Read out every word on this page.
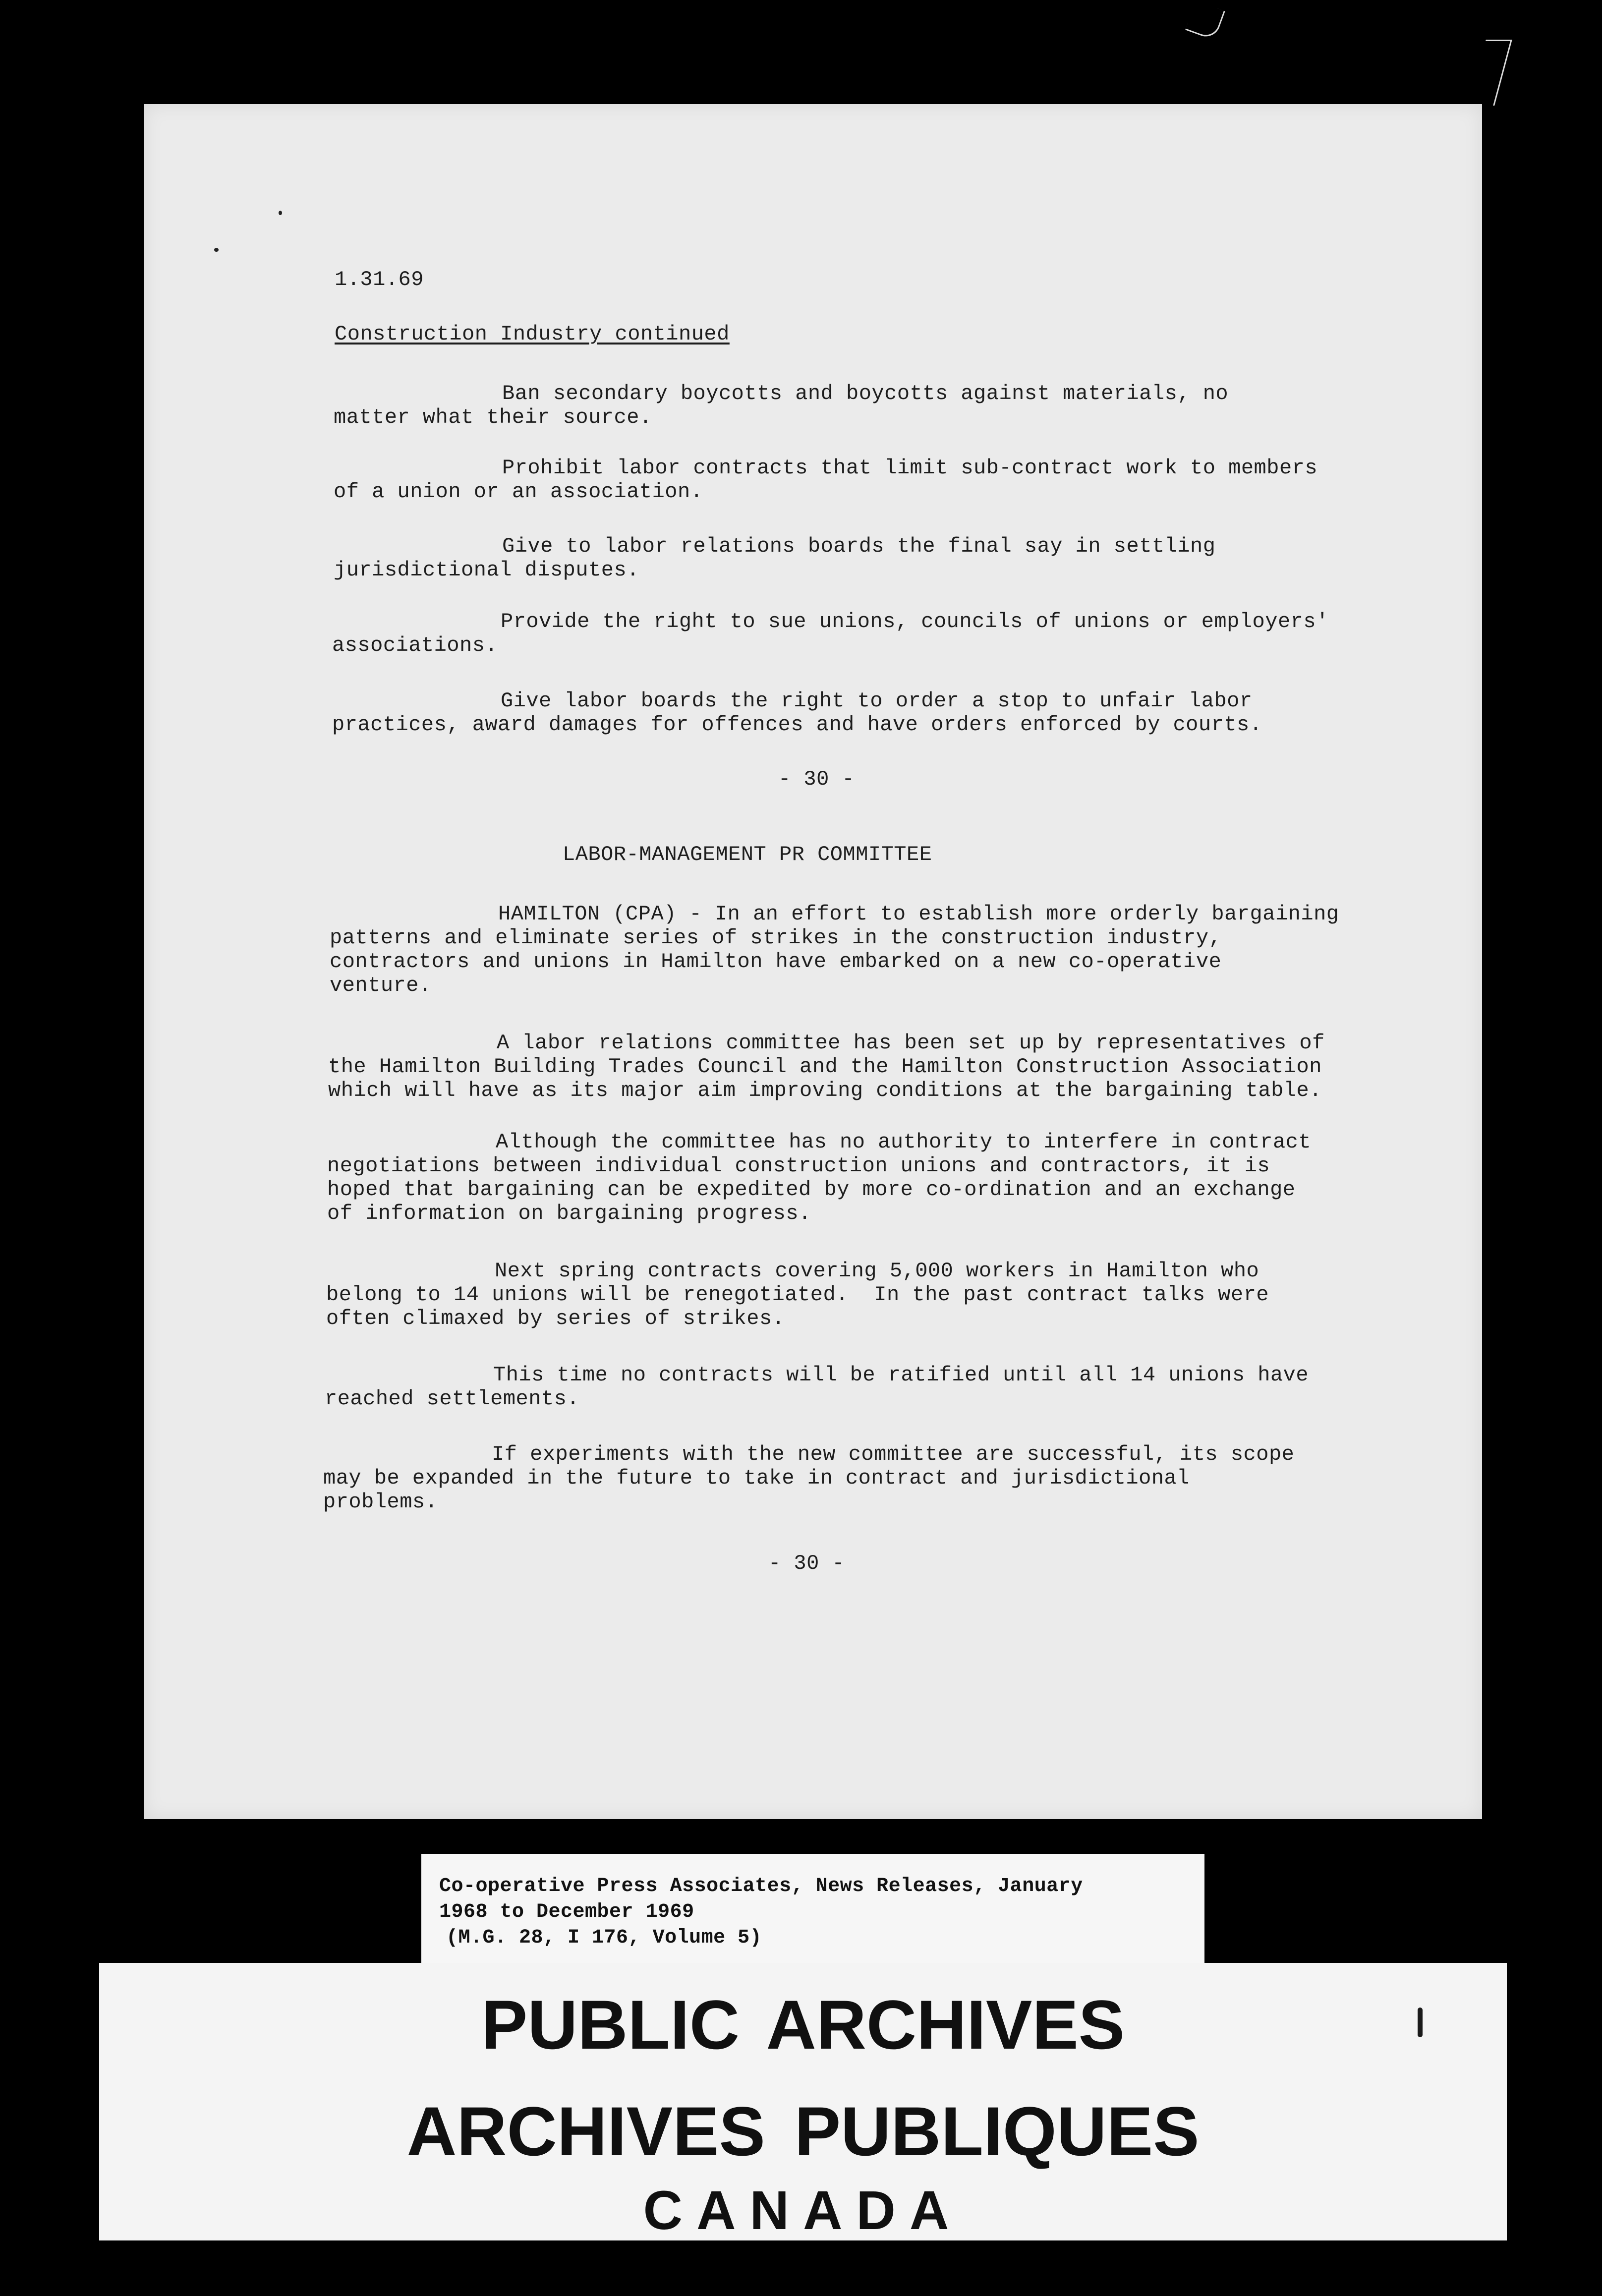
1.31.69
Construction Industry continued

Ban secondary boycotts and boycotts against materials, no

matter what their source.

Prohibit labor contracts that limit sub-contract work to members

of a union or an association.

Give to labor relations boards the final say in settling

jurisdictional disputes.

Provide the right to sue unions, councils of unions or employers'

associations.

Give labor boards the right to order a stop to unfair labor

practices, award damages for offences and have orders enforced by courts.

- 30 -
LABOR-MANAGEMENT PR COMMITTEE

HAMILTON (CPA) - In an effort to establish more orderly bargaining

patterns and eliminate series of strikes in the construction industry,

contractors and unions in Hamilton have embarked on a new co-operative

venture.

A labor relations committee has been set up by representatives of

the Hamilton Building Trades Council and the Hamilton Construction Association

which will have as its major aim improving conditions at the bargaining table.

Although the committee has no authority to interfere in contract

negotiations between individual construction unions and contractors, it is

hoped that bargaining can be expedited by more co-ordination and an exchange

of information on bargaining progress.

Next spring contracts covering 5,000 workers in Hamilton who

belong to 14 unions will be renegotiated.  In the past contract talks were

often climaxed by series of strikes.

This time no contracts will be ratified until all 14 unions have

reached settlements.

If experiments with the new committee are successful, its scope

may be expanded in the future to take in contract and jurisdictional

problems.

- 30 -
Co-operative Press Associates, News Releases, January
1968 to December 1969
(M.G. 28, I 176, Volume 5)
PUBLIC ARCHIVES
ARCHIVES PUBLIQUES
CANADA
